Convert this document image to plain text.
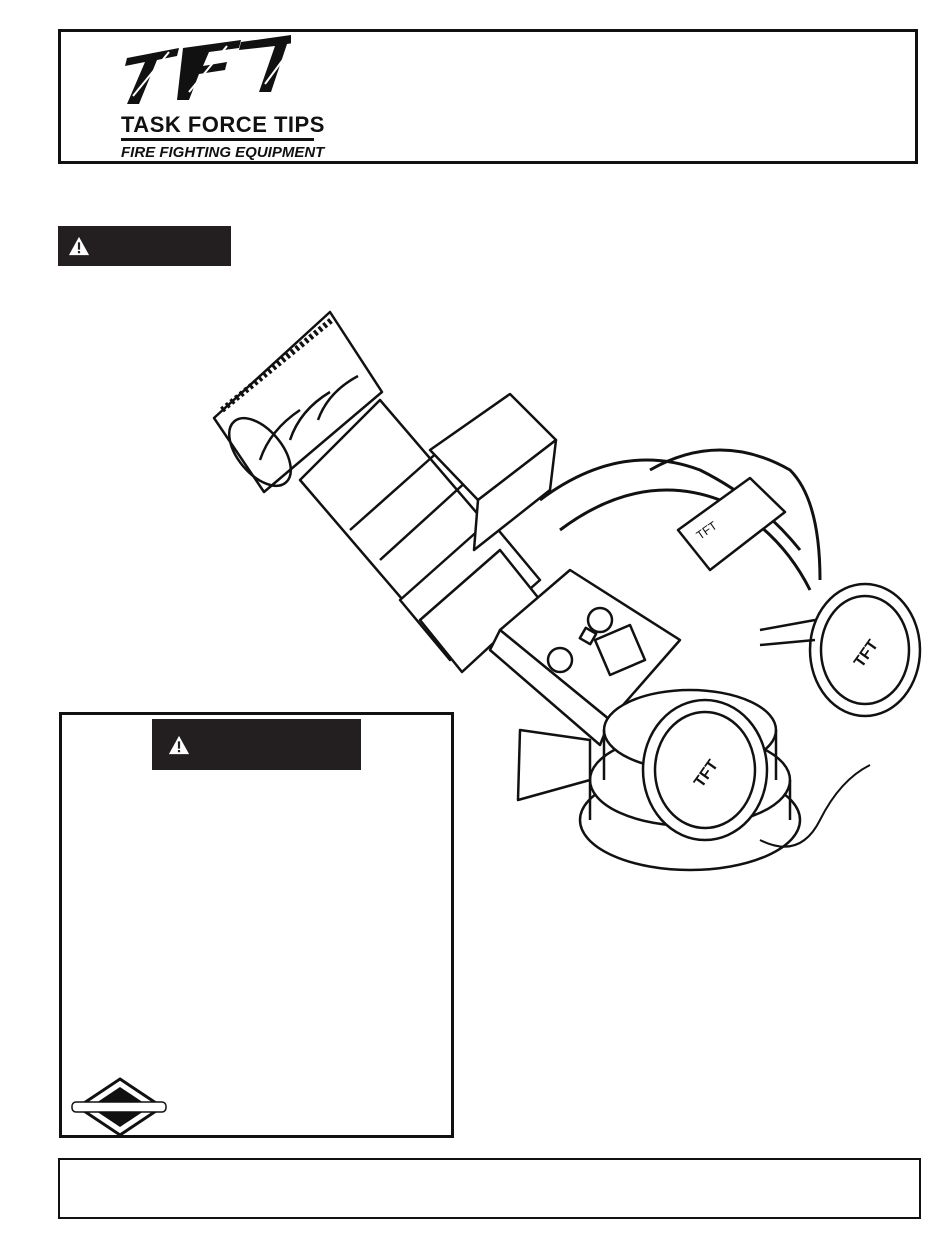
TASK FORCE TIPS
FIRE FIGHTING EQUIPMENT
TFT
TFT
TFT
